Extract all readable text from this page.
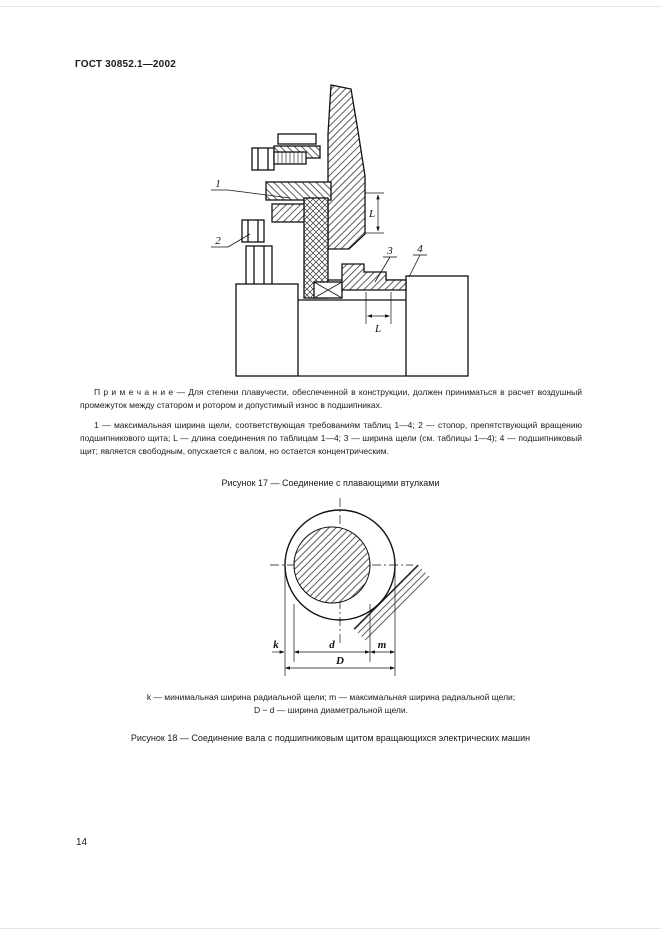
ГОСТ 30852.1—2002
1
2
3 4
L
L

П р и м е ч а н и е — Для степени плавучести, обеспеченной в конструкции, должен приниматься в расчет воздушный промежуток между статором и ротором и допустимый износ в подшипниках.

1 — максимальная ширина щели, соответствующая требованиям таблиц 1—4; 2 — стопор, препятствующий вращению подшипникового щита; L — длина соединения по таблицам 1—4; 3 — ширина щели (см. таблицы 1—4); 4 — подшипниковый щит; является свободным, опускается с валом, но остается концентрическим.

Рисунок 17 — Соединение с плавающими втулками
k	d	m
D
k — минимальная ширина радиальной щели; m — максимальная ширина радиальной щели;
D − d — ширина диаметральной щели.
Рисунок 18 — Соединение вала с подшипниковым щитом вращающихся электрических машин
14
